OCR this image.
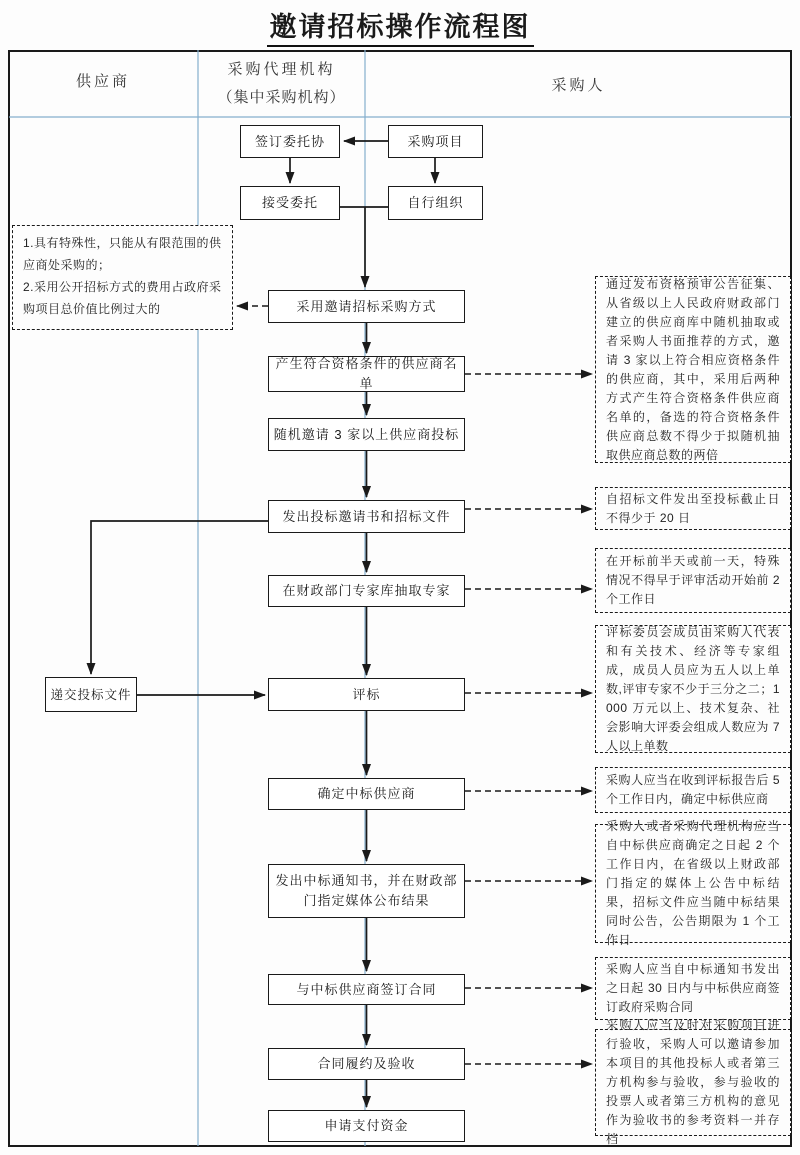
邀请招标操作流程图
供应商
采购代理机构
（集中采购机构）
采购人
签订委托协	采购项目
接受委托	自行组织
采用邀请招标采购方式
产生符合资格条件的供应商名单
随机邀请 3 家以上供应商投标
发出投标邀请书和招标文件
在财政部门专家库抽取专家
评标
确定中标供应商
发出中标通知书，并在财政部门指定媒体公布结果
与中标供应商签订合同
合同履约及验收
申请支付资金
递交投标文件
1.具有特殊性，只能从有限范围的供应商处采购的；
2.采用公开招标方式的费用占政府采购项目总价值比例过大的
通过发布资格预审公告征集、从省级以上人民政府财政部门建立的供应商库中随机抽取或者采购人书面推荐的方式，邀请 3 家以上符合相应资格条件的供应商，其中，采用后两种方式产生符合资格条件供应商名单的，备选的符合资格条件供应商总数不得少于拟随机抽取供应商总数的两倍
自招标文件发出至投标截止日不得少于 20 日
在开标前半天或前一天，特殊情况不得早于评审活动开始前 2 个工作日
评标委员会成员由采购人代表和有关技术、经济等专家组成，成员人员应为五人以上单数,评审专家不少于三分之二；1000 万元以上、技术复杂、社会影响大评委会组成人数应为 7 人以上单数
采购人应当在收到评标报告后 5 个工作日内，确定中标供应商
采购人或者采购代理机构应当自中标供应商确定之日起 2 个工作日内，在省级以上财政部门指定的媒体上公告中标结果，招标文件应当随中标结果同时公告，公告期限为 1 个工作日
采购人应当自中标通知书发出之日起 30 日内与中标供应商签订政府采购合同
采购人应当及时对采购项目进行验收，采购人可以邀请参加本项目的其他投标人或者第三方机构参与验收，参与验收的投票人或者第三方机构的意见作为验收书的参考资料一并存档
